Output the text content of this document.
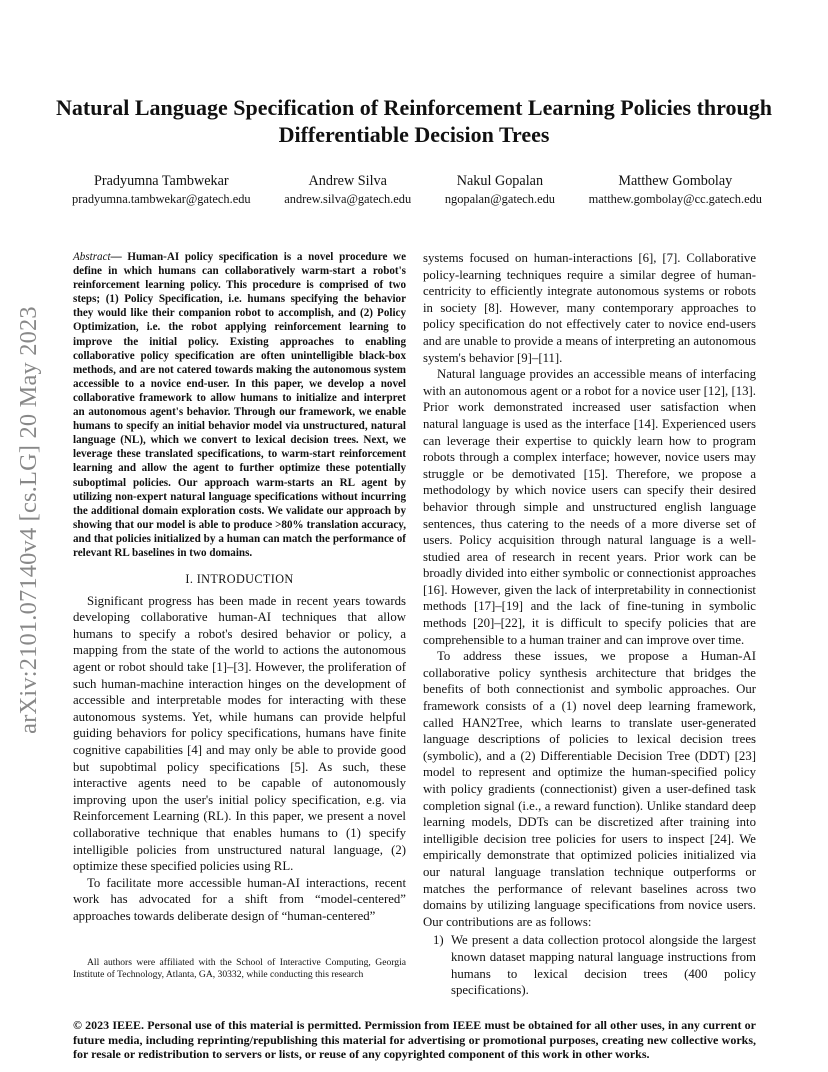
arXiv:2101.07140v4 [cs.LG] 20 May 2023
Natural Language Specification of Reinforcement Learning Policies through Differentiable Decision Trees
Pradyumna Tambwekar
pradyumna.tambwekar@gatech.edu
Andrew Silva
andrew.silva@gatech.edu
Nakul Gopalan
ngopalan@gatech.edu
Matthew Gombolay
matthew.gombolay@cc.gatech.edu

Abstract— Human-AI policy specification is a novel procedure we define in which humans can collaboratively warm-start a robot's reinforcement learning policy. This procedure is comprised of two steps; (1) Policy Specification, i.e. humans specifying the behavior they would like their companion robot to accomplish, and (2) Policy Optimization, i.e. the robot applying reinforcement learning to improve the initial policy. Existing approaches to enabling collaborative policy specification are often unintelligible black-box methods, and are not catered towards making the autonomous system accessible to a novice end-user. In this paper, we develop a novel collaborative framework to allow humans to initialize and interpret an autonomous agent's behavior. Through our framework, we enable humans to specify an initial behavior model via unstructured, natural language (NL), which we convert to lexical decision trees. Next, we leverage these translated specifications, to warm-start reinforcement learning and allow the agent to further optimize these potentially suboptimal policies. Our approach warm-starts an RL agent by utilizing non-expert natural language specifications without incurring the additional domain exploration costs. We validate our approach by showing that our model is able to produce >80% translation accuracy, and that policies initialized by a human can match the performance of relevant RL baselines in two domains.

I. INTRODUCTION

Significant progress has been made in recent years towards developing collaborative human-AI techniques that allow humans to specify a robot's desired behavior or policy, a mapping from the state of the world to actions the autonomous agent or robot should take [1]–[3]. However, the proliferation of such human-machine interaction hinges on the development of accessible and interpretable modes for interacting with these autonomous systems. Yet, while humans can provide helpful guiding behaviors for policy specifications, humans have finite cognitive capabilities [4] and may only be able to provide good but supobtimal policy specifications [5]. As such, these interactive agents need to be capable of autonomously improving upon the user's initial policy specification, e.g. via Reinforcement Learning (RL). In this paper, we present a novel collaborative technique that enables humans to (1) specify intelligible policies from unstructured natural language, (2) optimize these specified policies using RL.

To facilitate more accessible human-AI interactions, recent work has advocated for a shift from “model-centered” approaches towards deliberate design of “human-centered”

All authors were affiliated with the School of Interactive Computing, Georgia Institute of Technology, Atlanta, GA, 30332, while conducting this research

systems focused on human-interactions [6], [7]. Collaborative policy-learning techniques require a similar degree of human-centricity to efficiently integrate autonomous systems or robots in society [8]. However, many contemporary approaches to policy specification do not effectively cater to novice end-users and are unable to provide a means of interpreting an autonomous system's behavior [9]–[11].

Natural language provides an accessible means of interfacing with an autonomous agent or a robot for a novice user [12], [13]. Prior work demonstrated increased user satisfaction when natural language is used as the interface [14]. Experienced users can leverage their expertise to quickly learn how to program robots through a complex interface; however, novice users may struggle or be demotivated [15]. Therefore, we propose a methodology by which novice users can specify their desired behavior through simple and unstructured english language sentences, thus catering to the needs of a more diverse set of users. Policy acquisition through natural language is a well-studied area of research in recent years. Prior work can be broadly divided into either symbolic or connectionist approaches [16]. However, given the lack of interpretability in connectionist methods [17]–[19] and the lack of fine-tuning in symbolic methods [20]–[22], it is difficult to specify policies that are comprehensible to a human trainer and can improve over time.

To address these issues, we propose a Human-AI collaborative policy synthesis architecture that bridges the benefits of both connectionist and symbolic approaches. Our framework consists of a (1) novel deep learning framework, called HAN2Tree, which learns to translate user-generated language descriptions of policies to lexical decision trees (symbolic), and a (2) Differentiable Decision Tree (DDT) [23] model to represent and optimize the human-specified policy with policy gradients (connectionist) given a user-defined task completion signal (i.e., a reward function). Unlike standard deep learning models, DDTs can be discretized after training into intelligible decision tree policies for users to inspect [24]. We empirically demonstrate that optimized policies initialized via our natural language translation technique outperforms or matches the performance of relevant baselines across two domains by utilizing language specifications from novice users. Our contributions are as follows:

1) We present a data collection protocol alongside the largest known dataset mapping natural language instructions from humans to lexical decision trees (400 policy specifications).
© 2023 IEEE. Personal use of this material is permitted. Permission from IEEE must be obtained for all other uses, in any current or future media, including reprinting/republishing this material for advertising or promotional purposes, creating new collective works, for resale or redistribution to servers or lists, or reuse of any copyrighted component of this work in other works.
